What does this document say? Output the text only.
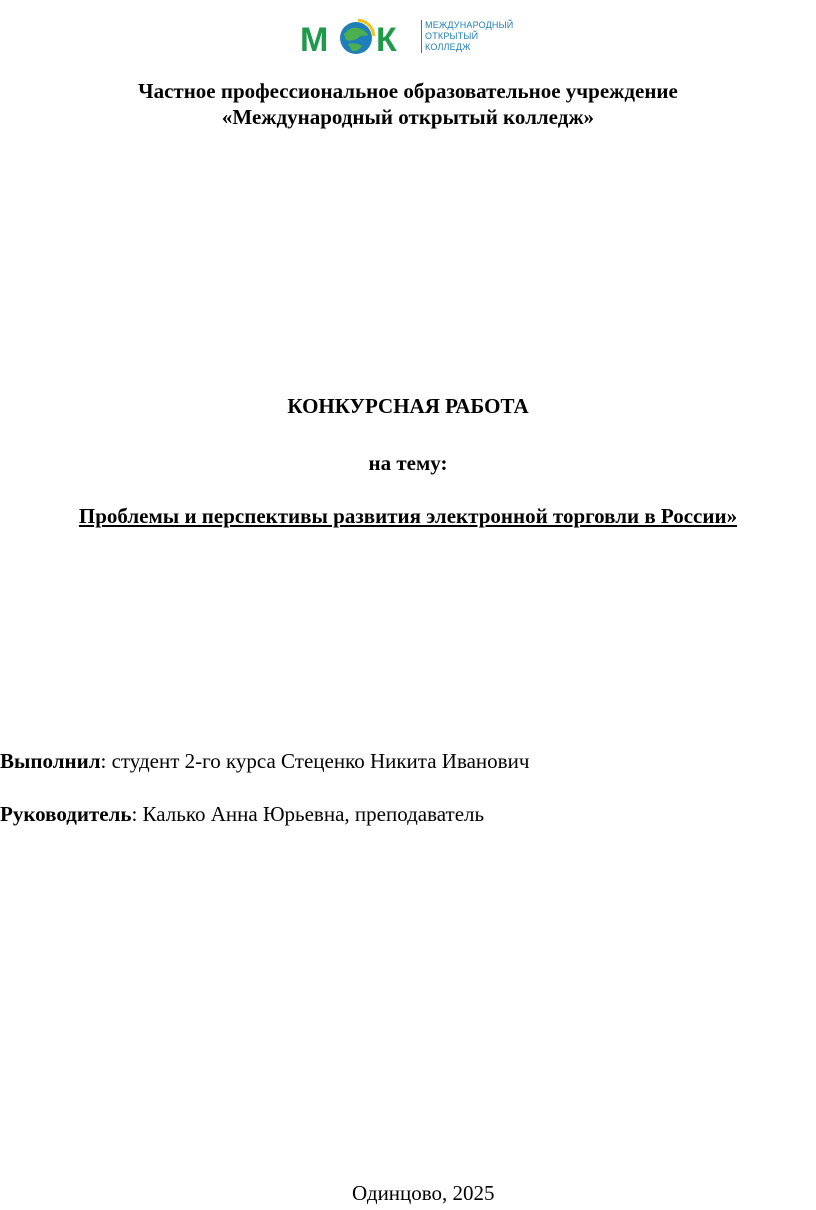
М К	МЕЖДУНАРОДНЫЙ
ОТКРЫТЫЙ
КОЛЛЕДЖ
Частное профессиональное образовательное учреждение
«Международный открытый колледж»
КОНКУРСНАЯ РАБОТА
на тему:
Проблемы и перспективы развития электронной торговли в России»
Выполнил: студент 2-го курса Стеценко Никита Иванович
Руководитель: Калько Анна Юрьевна, преподаватель
Одинцово, 2025
